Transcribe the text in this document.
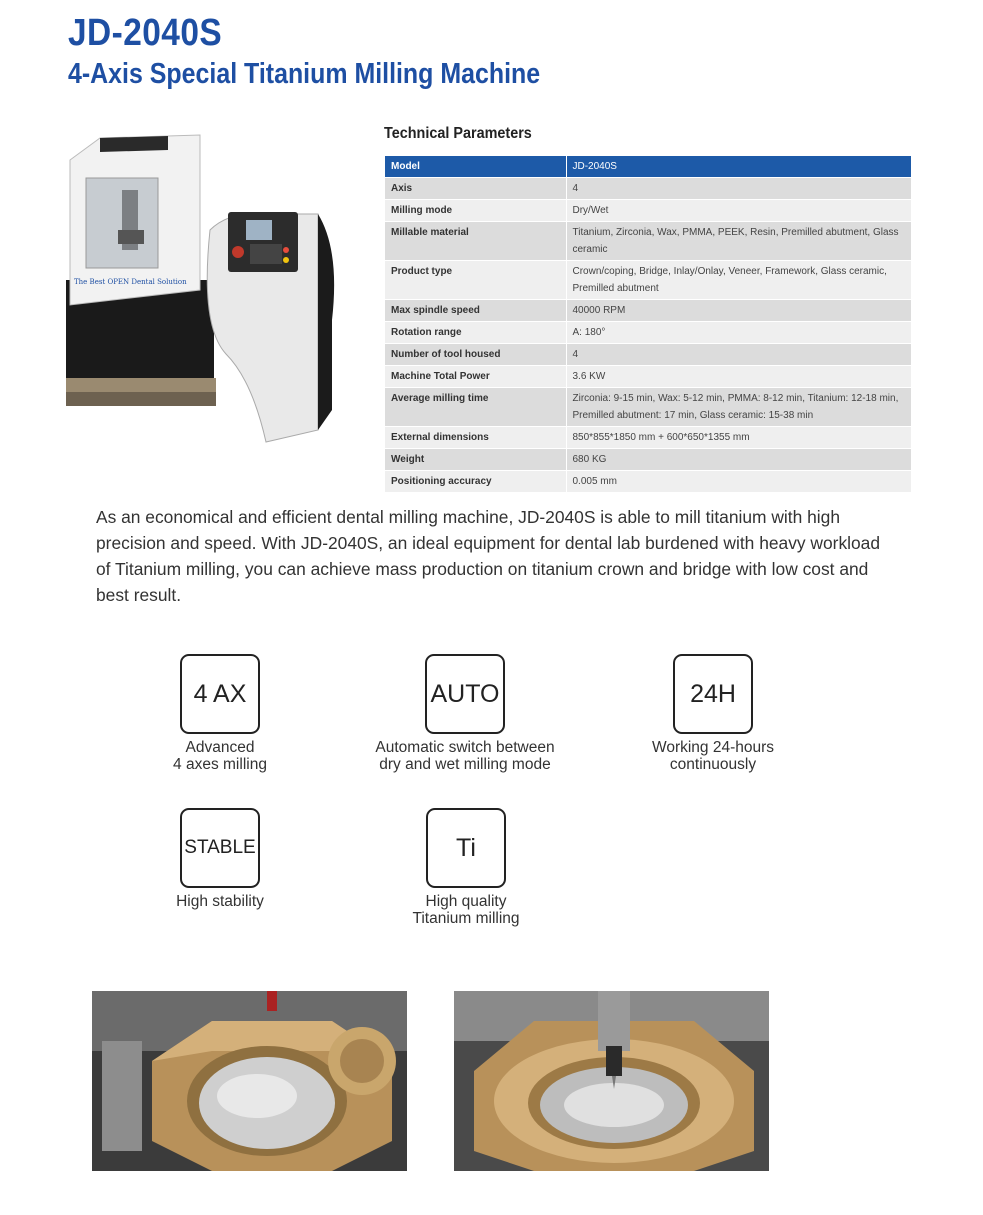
JD-2040S
4-Axis Special Titanium Milling Machine
The Best OPEN Dental Solution
Technical Parameters
Model	JD-2040S
Axis	4
Milling mode	Dry/Wet
Millable material	Titanium, Zirconia, Wax, PMMA, PEEK, Resin, Premilled abutment, Glass ceramic
Product type	Crown/coping, Bridge, Inlay/Onlay, Veneer, Framework, Glass ceramic, Premilled abutment
Max spindle speed	40000 RPM
Rotation range	A: 180°
Number of tool housed	4
Machine Total Power	3.6 KW
Average milling time	Zirconia: 9-15 min, Wax: 5-12 min, PMMA: 8-12 min, Titanium: 12-18 min, Premilled abutment: 17 min, Glass ceramic: 15-38 min
External dimensions	850*855*1850 mm + 600*650*1355 mm
Weight	680 KG
Positioning accuracy	0.005 mm
As an economical and efficient dental milling machine, JD-2040S is able to mill titanium with high precision and speed. With JD-2040S, an ideal equipment for dental lab burdened with heavy workload of Titanium milling, you can achieve mass production on titanium crown and bridge with low cost and best result.
4 AX
Advanced
4 axes milling
AUTO
Automatic switch between
dry and wet milling mode
24H
Working 24-hours
continuously
STABLE
High stability
Ti
High quality
Titanium milling
